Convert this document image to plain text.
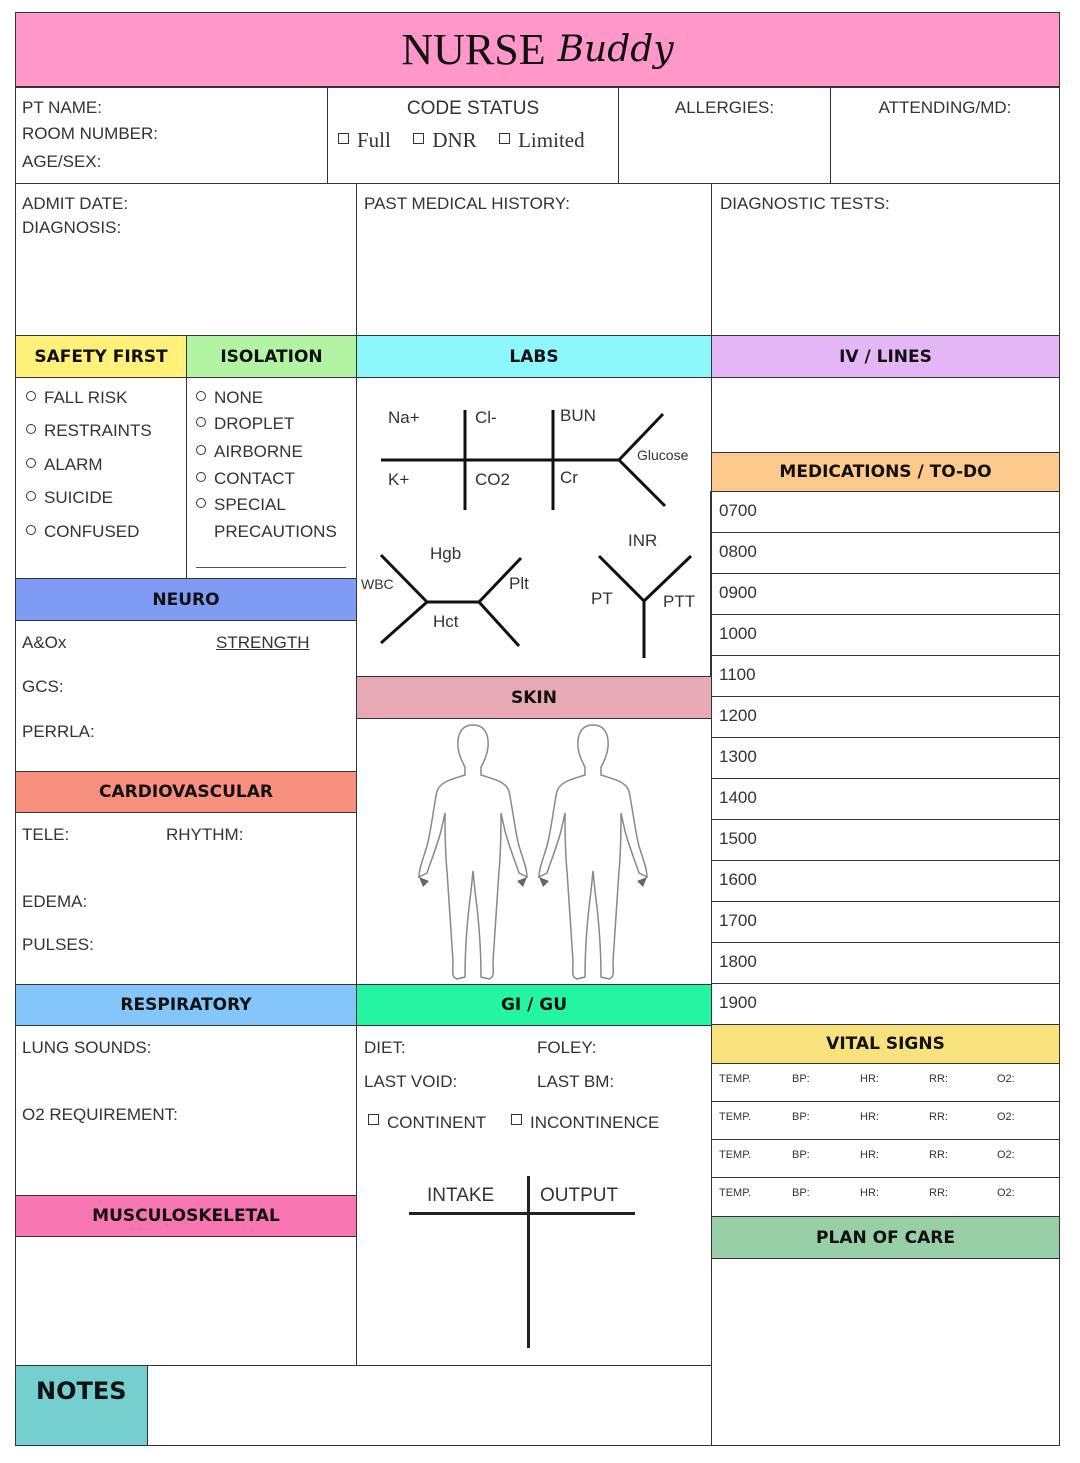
NURSE Buddy
PT NAME:
ROOM NUMBER:
AGE/SEX:
CODE STATUS
Full DNR Limited
ALLERGIES:	ATTENDING/MD:
ADMIT DATE:
DIAGNOSIS:
PAST MEDICAL HISTORY:	DIAGNOSTIC TESTS:
SAFETY FIRST	ISOLATION
FALL RISK
RESTRAINTS
ALARM
SUICIDE
CONFUSED
NONE
DROPLET
AIRBORNE
CONTACT
SPECIAL
PRECAUTIONS
LABS
Na+	Cl-	BUN
K+	CO2	Cr
Glucose
Hgb
WBC	Plt
Hct
INR
PT	PTT
IV / LINES
MEDICATIONS / TO-DO
0700
0800
0900
1000
1100
1200
1300
1400
1500
1600
1700
1800
1900
NEURO
A&Ox	STRENGTH
GCS:
PERRLA:
SKIN
CARDIOVASCULAR
TELE:	RHYTHM:
EDEMA:
PULSES:
RESPIRATORY
LUNG SOUNDS:
O2 REQUIREMENT:
GI / GU
DIET:	FOLEY:
LAST VOID:	LAST BM:
CONTINENT	INCONTINENCE
INTAKE OUTPUT
VITAL SIGNS
TEMP.	BP:	HR:	RR:	O2:
TEMP.	BP:	HR:	RR:	O2:
TEMP.	BP:	HR:	RR:	O2:
TEMP.	BP:	HR:	RR:	O2:
PLAN OF CARE
MUSCULOSKELETAL
NOTES
